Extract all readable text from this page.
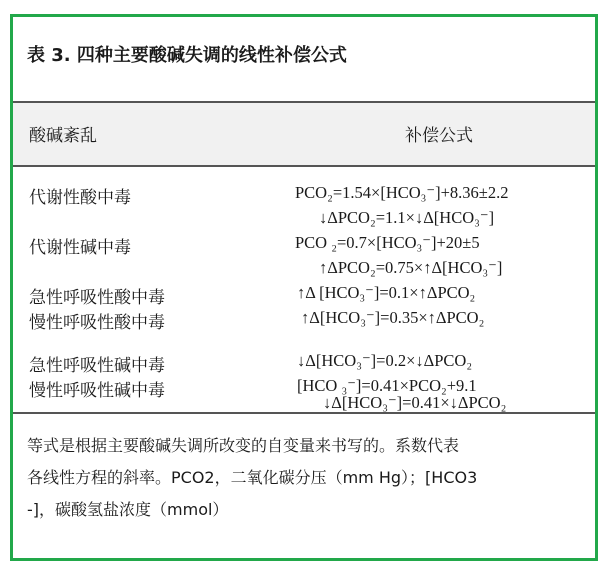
表 3. 四种主要酸碱失调的线性补偿公式
酸碱紊乱	补偿公式
代谢性酸中毒	PCO₂=1.54×[HCO₃⁻]+8.36±2.2
↓ΔPCO₂=1.1×↓Δ[HCO₃⁻]
代谢性碱中毒	PCO ₂=0.7×[HCO₃⁻]+20±5
↑ΔPCO₂=0.75×↑Δ[HCO₃⁻]
急性呼吸性酸中毒	↑Δ [HCO₃⁻]=0.1×↑ΔPCO₂
慢性呼吸性酸中毒	↑Δ[HCO₃⁻]=0.35×↑ΔPCO₂
急性呼吸性碱中毒	↓Δ[HCO₃⁻]=0.2×↓ΔPCO₂
慢性呼吸性碱中毒	[HCO ₃⁻]=0.41×PCO₂+9.1
↓Δ[HCO₃⁻]=0.41×↓ΔPCO₂
等式是根据主要酸碱失调所改变的自变量来书写的。系数代表
各线性方程的斜率。PCO2，二氧化碳分压（mm Hg）；[HCO3
-]，碳酸氢盐浓度（mmol）
